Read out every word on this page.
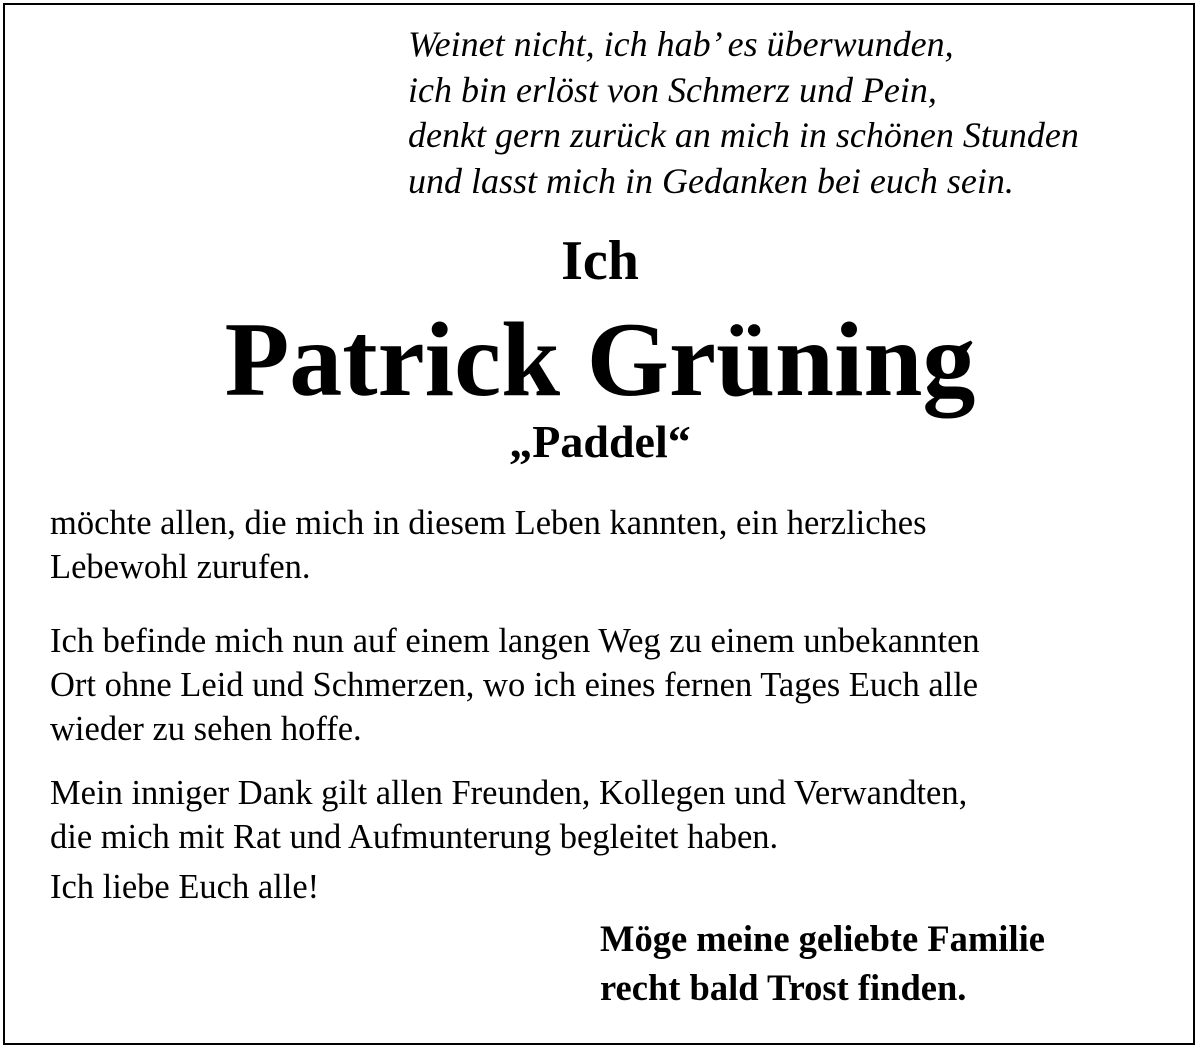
Weinet nicht, ich hab’ es überwunden,
ich bin erlöst von Schmerz und Pein,
denkt gern zurück an mich in schönen Stunden
und lasst mich in Gedanken bei euch sein.
Ich
Patrick Grüning
„Paddel“
möchte allen, die mich in diesem Leben kannten, ein herzliches
Lebewohl zurufen.
Ich befinde mich nun auf einem langen Weg zu einem unbekannten
Ort ohne Leid und Schmerzen, wo ich eines fernen Tages Euch alle
wieder zu sehen hoffe.
Mein inniger Dank gilt allen Freunden, Kollegen und Verwandten,
die mich mit Rat und Aufmunterung begleitet haben.
Ich liebe Euch alle!
Möge meine geliebte Familie
recht bald Trost finden.
